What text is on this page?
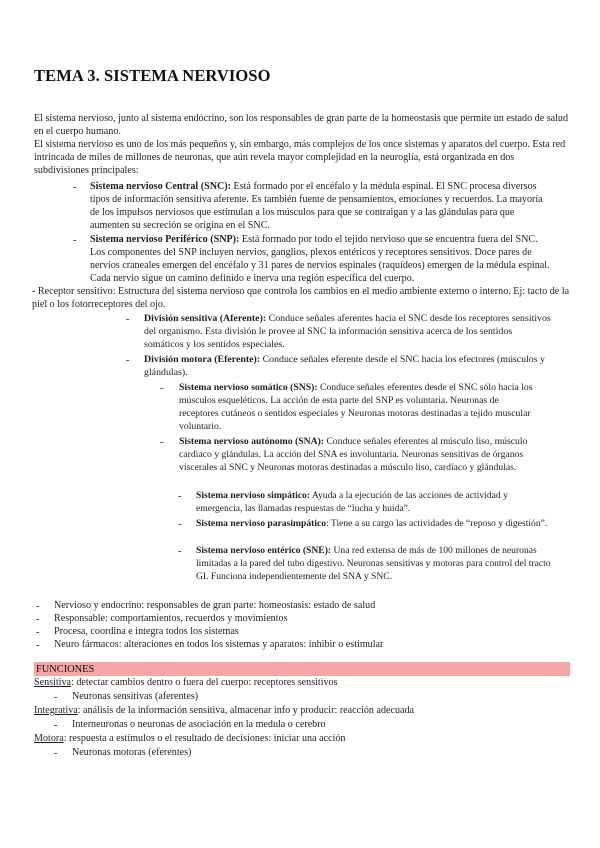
TEMA 3. SISTEMA NERVIOSO

El sistema nervioso, junto al sistema endócrino, son los responsables de gran parte de la homeostasis que permite un estado de salud en el cuerpo humano.

El sistema nervioso es uno de los más pequeños y, sin embargo, más complejos de los once sistemas y aparatos del cuerpo. Esta red intrincada de miles de millones de neuronas, que aún revela mayor complejidad en la neuroglía, está organizada en dos subdivisiones principales:

- Sistema nervioso Central (SNC): Está formado por el encéfalo y la médula espinal. El SNC procesa diversos tipos de información sensitiva aferente. Es también fuente de pensamientos, emociones y recuerdos. La mayoría de los impulsos nerviosos que estimulan a los músculos para que se contraigan y a las glándulas para que aumenten su secreción se origina en el SNC.

- Sistema nervioso Periférico (SNP): Está formado por todo el tejido nervioso que se encuentra fuera del SNC. Los componentes del SNP incluyen nervios, ganglios, plexos entéricos y receptores sensitivos. Doce pares de nervios craneales emergen del encéfalo y 31 pares de nervios espinales (raquídeos) emergen de la médula espinal. Cada nervio sigue un camino definido e inerva una región específica del cuerpo.

- Receptor sensitivo: Estructura del sistema nervioso que controla los cambios en el medio ambiente externo o interno. Ej: tacto de la piel o los fotorreceptores del ojo.

- División sensitiva (Aferente): Conduce señales aferentes hacia el SNC desde los receptores sensitivos del organismo. Esta división le provee al SNC la información sensitiva acerca de los sentidos somáticos y los sentidos especiales.

- División motora (Eferente): Conduce señales eferente desde el SNC hacia los efectores (músculos y glándulas).

- Sistema nervioso somático (SNS): Conduce señales eferentes desde el SNC sólo hacia los músculos esqueléticos. La acción de esta parte del SNP es voluntaria. Neuronas de receptores cutáneos o sentidos especiales y Neuronas motoras destinadas a tejido muscular voluntario.

- Sistema nervioso autónomo (SNA): Conduce señales eferentes al músculo liso, músculo cardiaco y glándulas. La acción del SNA es involuntaria. Neuronas sensitivas de órganos viscerales al SNC y Neuronas motoras destinadas a músculo liso, cardíaco y glándulas.

- Sistema nervioso simpático: Ayuda a la ejecución de las acciones de actividad y emergencia, las llamadas respuestas de “lucha y huida”.

- Sistema nervioso parasimpático: Tiene a su cargo las actividades de “reposo y digestión”.

- Sistema nervioso entérico (SNE): Una red extensa de más de 100 millones de neuronas limitadas a la pared del tubo digestivo. Neuronas sensitivas y motoras para control del tracto GI. Funciona independientemente del SNA y SNC.

- Nervioso y endocrino: responsables de gran parte: homeostasis: estado de salud

- Responsable: comportamientos, recuerdos y movimientos

- Procesa, coordina e integra todos los sistemas

- Neuro fármacos: alteraciones en todos los sistemas y aparatos: inhibir o estimular

FUNCIONES

Sensitiva: detectar cambios dentro o fuera del cuerpo: receptores sensitivos

- Neuronas sensitivas (aferentes)

Integrativa: análisis de la información sensitiva, almacenar info y producir: reacción adecuada

- Interneuronas o neuronas de asociación en la medula o cerebro

Motora: respuesta a estímulos o el resultado de decisiones: iniciar una acción

- Neuronas motoras (eferentes)
